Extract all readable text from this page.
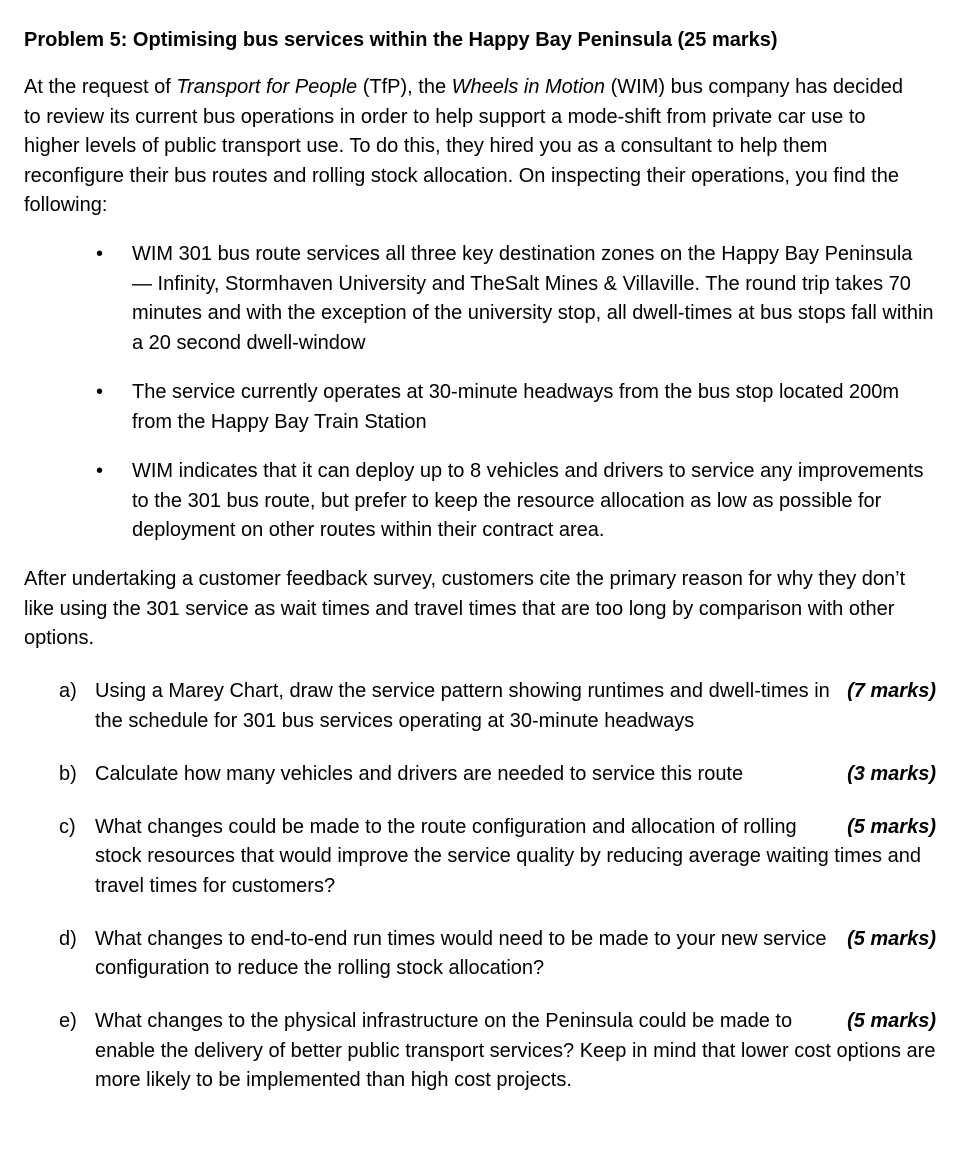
Problem 5: Optimising bus services within the Happy Bay Peninsula (25 marks)
At the request of Transport for People (TfP), the Wheels in Motion (WIM) bus company has decided to review its current bus operations in order to help support a mode-shift from private car use to higher levels of public transport use. To do this, they hired you as a consultant to help them reconfigure their bus routes and rolling stock allocation. On inspecting their operations, you find the following:
• WIM 301 bus route services all three key destination zones on the Happy Bay Peninsula — Infinity, Stormhaven University and TheSalt Mines & Villaville. The round trip takes 70 minutes and with the exception of the university stop, all dwell-times at bus stops fall within a 20 second dwell-window
• The service currently operates at 30-minute headways from the bus stop located 200m from the Happy Bay Train Station
• WIM indicates that it can deploy up to 8 vehicles and drivers to service any improvements to the 301 bus route, but prefer to keep the resource allocation as low as possible for deployment on other routes within their contract area.
After undertaking a customer feedback survey, customers cite the primary reason for why they don’t like using the 301 service as wait times and travel times that are too long by comparison with other options.
a)	(7 marks)
Using a Marey Chart, draw the service pattern showing runtimes and dwell-times in the schedule for 301 bus services operating at 30-minute headways
b)	(3 marks)
Calculate how many vehicles and drivers are needed to service this route
c)	(5 marks)
What changes could be made to the route configuration and allocation of rolling stock resources that would improve the service quality by reducing average waiting times and travel times for customers?
d)	(5 marks)
What changes to end-to-end run times would need to be made to your new service configuration to reduce the rolling stock allocation?
e)	(5 marks)
What changes to the physical infrastructure on the Peninsula could be made to enable the delivery of better public transport services? Keep in mind that lower cost options are more likely to be implemented than high cost projects.
